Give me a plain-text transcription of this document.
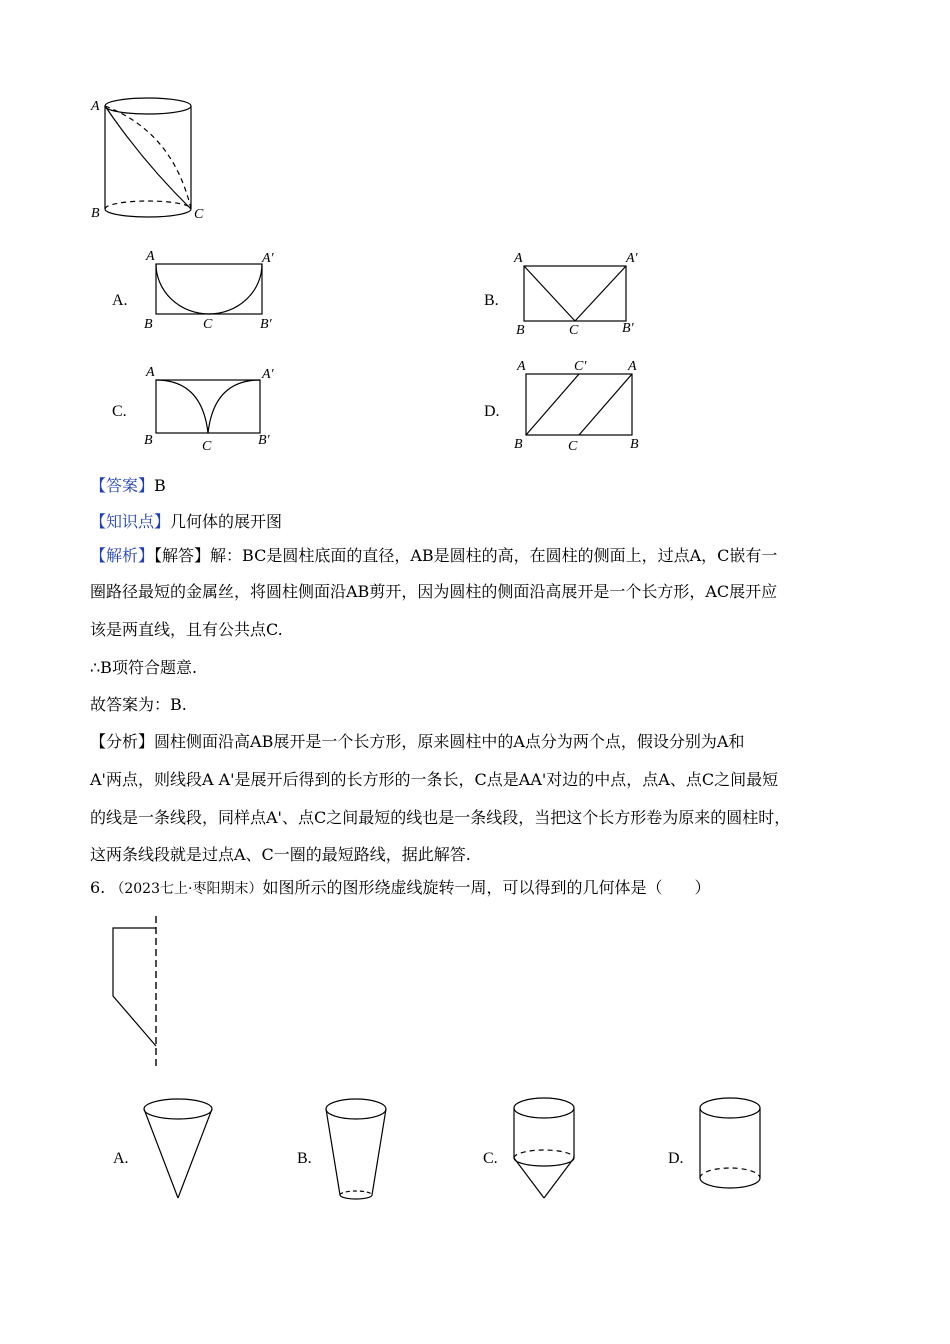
A
B	C
A.
A	A′
B	C	B′
B.
A	A′
B	C	B′
C.
A	A′
B	C	B′
D.
A	C′	A
B	C	B
【答案】B
【知识点】几何体的展开图
【解析】【解答】解：BC是圆柱底面的直径，AB是圆柱的高，在圆柱的侧面上，过点A，C嵌有一
圈路径最短的金属丝，将圆柱侧面沿AB剪开，因为圆柱的侧面沿高展开是一个长方形，AC展开应
该是两直线，且有公共点C.
∴B项符合题意.
故答案为：B.
【分析】圆柱侧面沿高AB展开是一个长方形，原来圆柱中的A点分为两个点，假设分别为A和
A'两点，则线段A A'是展开后得到的长方形的一条长，C点是AA'对边的中点，点A、点C之间最短
的线是一条线段，同样点A'、点C之间最短的线也是一条线段，当把这个长方形卷为原来的圆柱时，
这两条线段就是过点A、C一圈的最短路线，据此解答.
6. （2023七上·枣阳期末）如图所示的图形绕虚线旋转一周，可以得到的几何体是（　　）
A.	B.	C.	D.
